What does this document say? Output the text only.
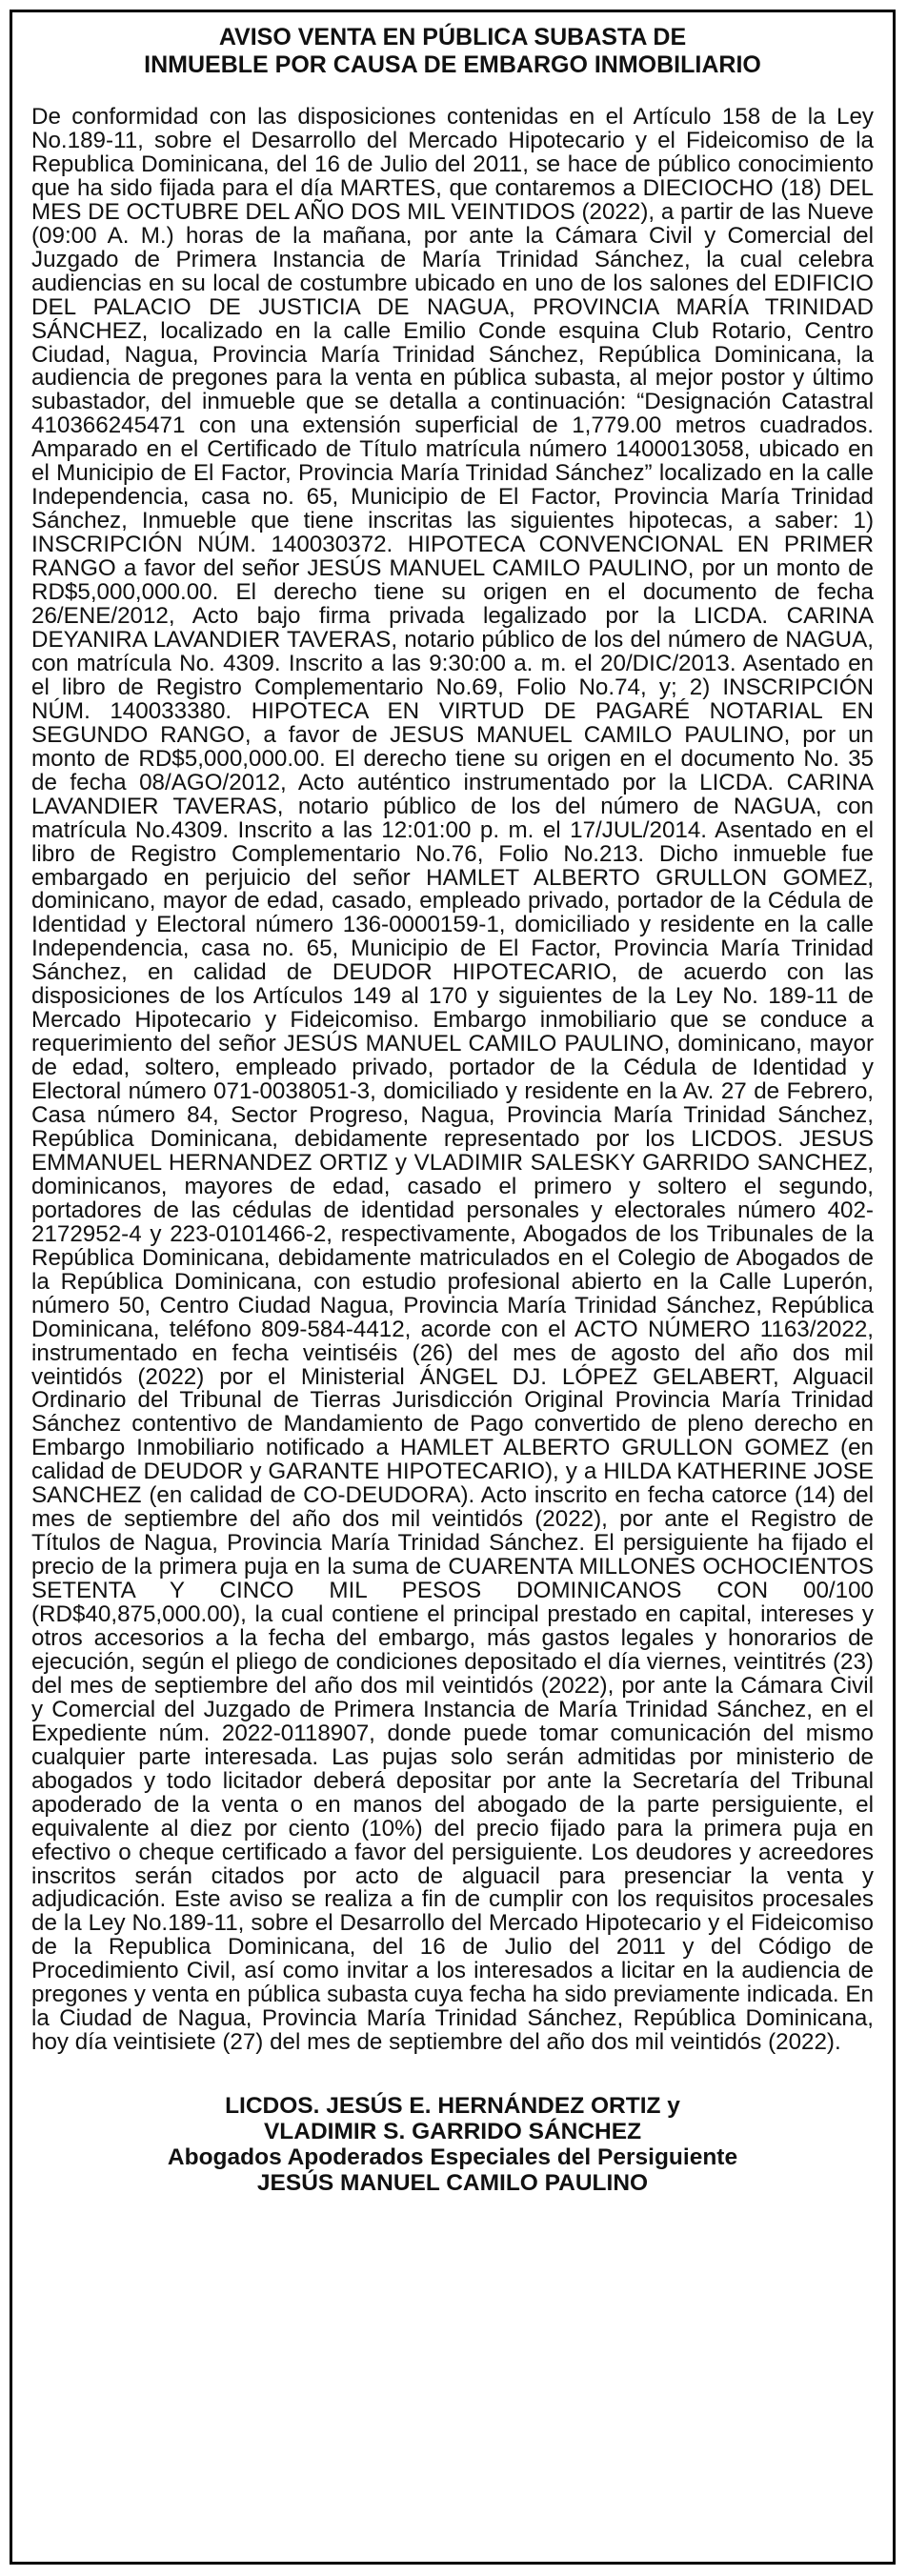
AVISO VENTA EN PÚBLICA SUBASTA DE
INMUEBLE POR CAUSA DE EMBARGO INMOBILIARIO

De conformidad con las disposiciones contenidas en el Artículo 158 de la Ley No.189-11, sobre el Desarrollo del Mercado Hipotecario y el Fideicomiso de la Republica Dominicana, del 16 de Julio del 2011, se hace de público conocimiento que ha sido fijada para el día MARTES, que contaremos a DIECIOCHO (18) DEL MES DE OCTUBRE DEL AÑO DOS MIL VEINTIDOS (2022), a partir de las Nueve (09:00 A. M.) horas de la mañana, por ante la Cámara Civil y Comercial del Juzgado de Primera Instancia de María Trinidad Sánchez, la cual celebra audiencias en su local de costumbre ubicado en uno de los salones del EDIFICIO DEL PALACIO DE JUSTICIA DE NAGUA, PROVINCIA MARÍA TRINIDAD SÁNCHEZ, localizado en la calle Emilio Conde esquina Club Rotario, Centro Ciudad, Nagua, Provincia María Trinidad Sánchez, República Dominicana, la audiencia de pregones para la venta en pública subasta, al mejor postor y último subastador, del inmueble que se detalla a continuación: “Designación Catastral 410366245471 con una extensión superficial de 1,779.00 metros cuadrados. Amparado en el Certificado de Título matrícula número 1400013058, ubicado en el Municipio de El Factor, Provincia María Trinidad Sánchez” localizado en la calle Independencia, casa no. 65, Municipio de El Factor, Provincia María Trinidad Sánchez, Inmueble que tiene inscritas las siguientes hipotecas, a saber: 1) INSCRIPCIÓN NÚM. 140030372. HIPOTECA CONVENCIONAL EN PRIMER RANGO a favor del señor JESÚS MANUEL CAMILO PAULINO, por un monto de RD$5,000,000.00. El derecho tiene su origen en el documento de fecha 26/ENE/2012, Acto bajo firma privada legalizado por la LICDA. CARINA DEYANIRA LAVANDIER TAVERAS, notario público de los del número de NAGUA, con matrícula No. 4309. Inscrito a las 9:30:00 a. m. el 20/DIC/2013. Asentado en el libro de Registro Complementario No.69, Folio No.74, y; 2) INSCRIPCIÓN NÚM. 140033380. HIPOTECA EN VIRTUD DE PAGARÉ NOTARIAL EN SEGUNDO RANGO, a favor de JESUS MANUEL CAMILO PAULINO, por un monto de RD$5,000,000.00. El derecho tiene su origen en el documento No. 35 de fecha 08/AGO/2012, Acto auténtico instrumentado por la LICDA. CARINA LAVANDIER TAVERAS, notario público de los del número de NAGUA, con matrícula No.4309. Inscrito a las 12:01:00 p. m. el 17/JUL/2014. Asentado en el libro de Registro Complementario No.76, Folio No.213. Dicho inmueble fue embargado en perjuicio del señor HAMLET ALBERTO GRULLON GOMEZ, dominicano, mayor de edad, casado, empleado privado, portador de la Cédula de Identidad y Electoral número 136-0000159-1, domiciliado y residente en la calle Independencia, casa no. 65, Municipio de El Factor, Provincia María Trinidad Sánchez, en calidad de DEUDOR HIPOTECARIO, de acuerdo con las disposiciones de los Artículos 149 al 170 y siguientes de la Ley No. 189-11 de Mercado Hipotecario y Fideicomiso. Embargo inmobiliario que se conduce a requerimiento del señor JESÚS MANUEL CAMILO PAULINO, dominicano, mayor de edad, soltero, empleado privado, portador de la Cédula de Identidad y Electoral número 071-0038051-3, domiciliado y residente en la Av. 27 de Febrero, Casa número 84, Sector Progreso, Nagua, Provincia María Trinidad Sánchez, República Dominicana, debidamente representado por los LICDOS. JESUS EMMANUEL HERNANDEZ ORTIZ y VLADIMIR SALESKY GARRIDO SANCHEZ, dominicanos, mayores de edad, casado el primero y soltero el segundo, portadores de las cédulas de identidad personales y electorales número 402-2172952-4 y 223-0101466-2, respectivamente, Abogados de los Tribunales de la República Dominicana, debidamente matriculados en el Colegio de Abogados de la República Dominicana, con estudio profesional abierto en la Calle Luperón, número 50, Centro Ciudad Nagua, Provincia María Trinidad Sánchez, República Dominicana, teléfono 809-584-4412, acorde con el ACTO NÚMERO 1163/2022, instrumentado en fecha veintiséis (26) del mes de agosto del año dos mil veintidós (2022) por el Ministerial ÁNGEL DJ. LÓPEZ GELABERT, Alguacil Ordinario del Tribunal de Tierras Jurisdicción Original Provincia María Trinidad Sánchez contentivo de Mandamiento de Pago convertido de pleno derecho en Embargo Inmobiliario notificado a HAMLET ALBERTO GRULLON GOMEZ (en calidad de DEUDOR y GARANTE HIPOTECARIO), y a HILDA KATHERINE JOSE SANCHEZ (en calidad de CO-DEUDORA). Acto inscrito en fecha catorce (14) del mes de septiembre del año dos mil veintidós (2022), por ante el Registro de Títulos de Nagua, Provincia María Trinidad Sánchez. El persiguiente ha fijado el precio de la primera puja en la suma de CUARENTA MILLONES OCHOCIENTOS SETENTA Y CINCO MIL PESOS DOMINICANOS CON 00/100 (RD$40,875,000.00), la cual contiene el principal prestado en capital, intereses y otros accesorios a la fecha del embargo, más gastos legales y honorarios de ejecución, según el pliego de condiciones depositado el día viernes, veintitrés (23) del mes de septiembre del año dos mil veintidós (2022), por ante la Cámara Civil y Comercial del Juzgado de Primera Instancia de María Trinidad Sánchez, en el Expediente núm. 2022-0118907, donde puede tomar comunicación del mismo cualquier parte interesada. Las pujas solo serán admitidas por ministerio de abogados y todo licitador deberá depositar por ante la Secretaría del Tribunal apoderado de la venta o en manos del abogado de la parte persiguiente, el equivalente al diez por ciento (10%) del precio fijado para la primera puja en efectivo o cheque certificado a favor del persiguiente. Los deudores y acreedores inscritos serán citados por acto de alguacil para presenciar la venta y adjudicación. Este aviso se realiza a fin de cumplir con los requisitos procesales de la Ley No.189-11, sobre el Desarrollo del Mercado Hipotecario y el Fideicomiso de la Republica Dominicana, del 16 de Julio del 2011 y del Código de Procedimiento Civil, así como invitar a los interesados a licitar en la audiencia de pregones y venta en pública subasta cuya fecha ha sido previamente indicada. En la Ciudad de Nagua, Provincia María Trinidad Sánchez, República Dominicana, hoy día veintisiete (27) del mes de septiembre del año dos mil veintidós (2022).

LICDOS. JESÚS E. HERNÁNDEZ ORTIZ y
VLADIMIR S. GARRIDO SÁNCHEZ
Abogados Apoderados Especiales del Persiguiente
JESÚS MANUEL CAMILO PAULINO
